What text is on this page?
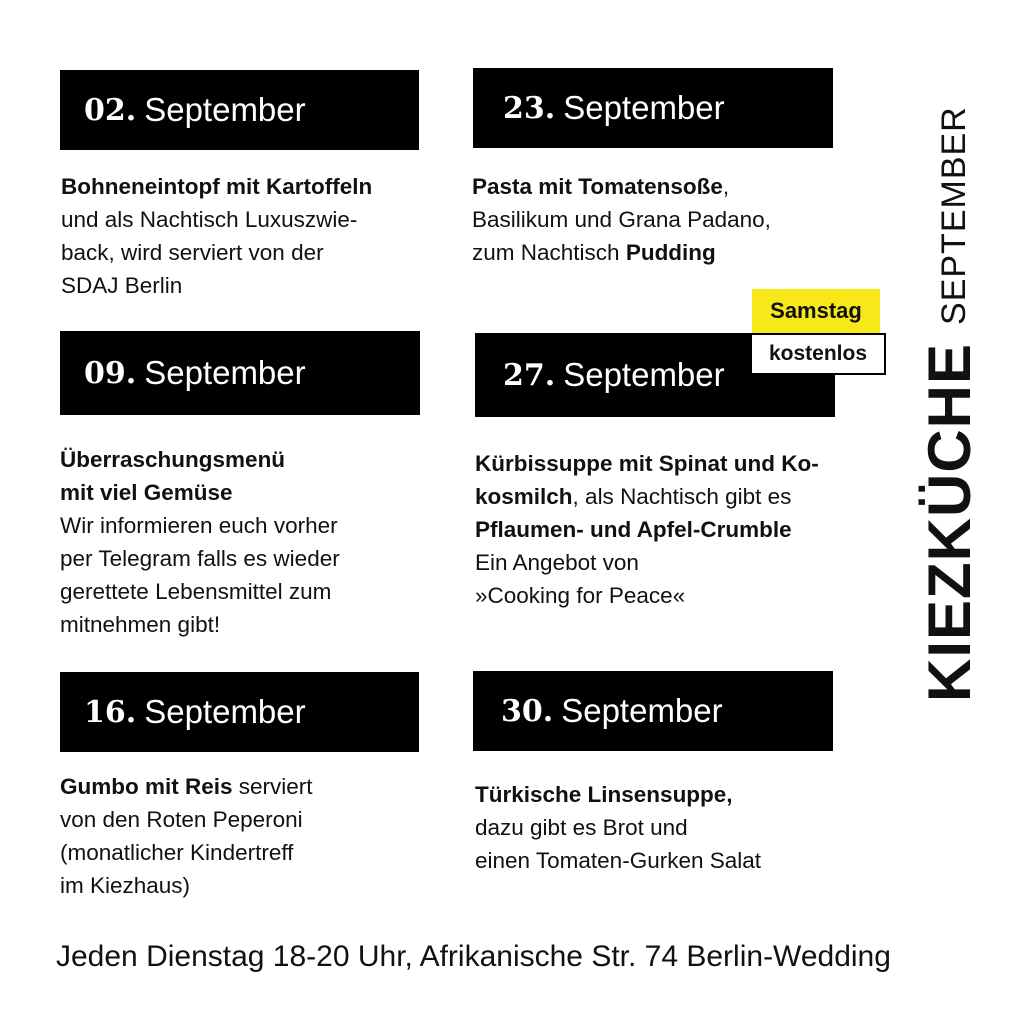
02. September
Bohneneintopf mit Kartoffeln
und als Nachtisch Luxuszwie-
back, wird serviert von der
SDAJ Berlin
09. September
Überraschungsmenü
mit viel Gemüse
Wir informieren euch vorher
per Telegram falls es wieder
gerettete Lebensmittel zum
mitnehmen gibt!
16. September
Gumbo mit Reis serviert
von den Roten Peperoni
(monatlicher Kindertreff
im Kiezhaus)
23. September
Pasta mit Tomatensoße,
Basilikum und Grana Padano,
zum Nachtisch Pudding
27. September
Kürbissuppe mit Spinat und Ko-
kosmilch, als Nachtisch gibt es
Pflaumen- und Apfel-Crumble
Ein Angebot von
»Cooking for Peace«
30. September
Türkische Linsensuppe,
dazu gibt es Brot und
einen Tomaten-Gurken Salat
Samstag
kostenlos KIEZKÜCHE
SEPTEMBER
Jeden Dienstag 18-20 Uhr, Afrikanische Str. 74 Berlin-Wedding
